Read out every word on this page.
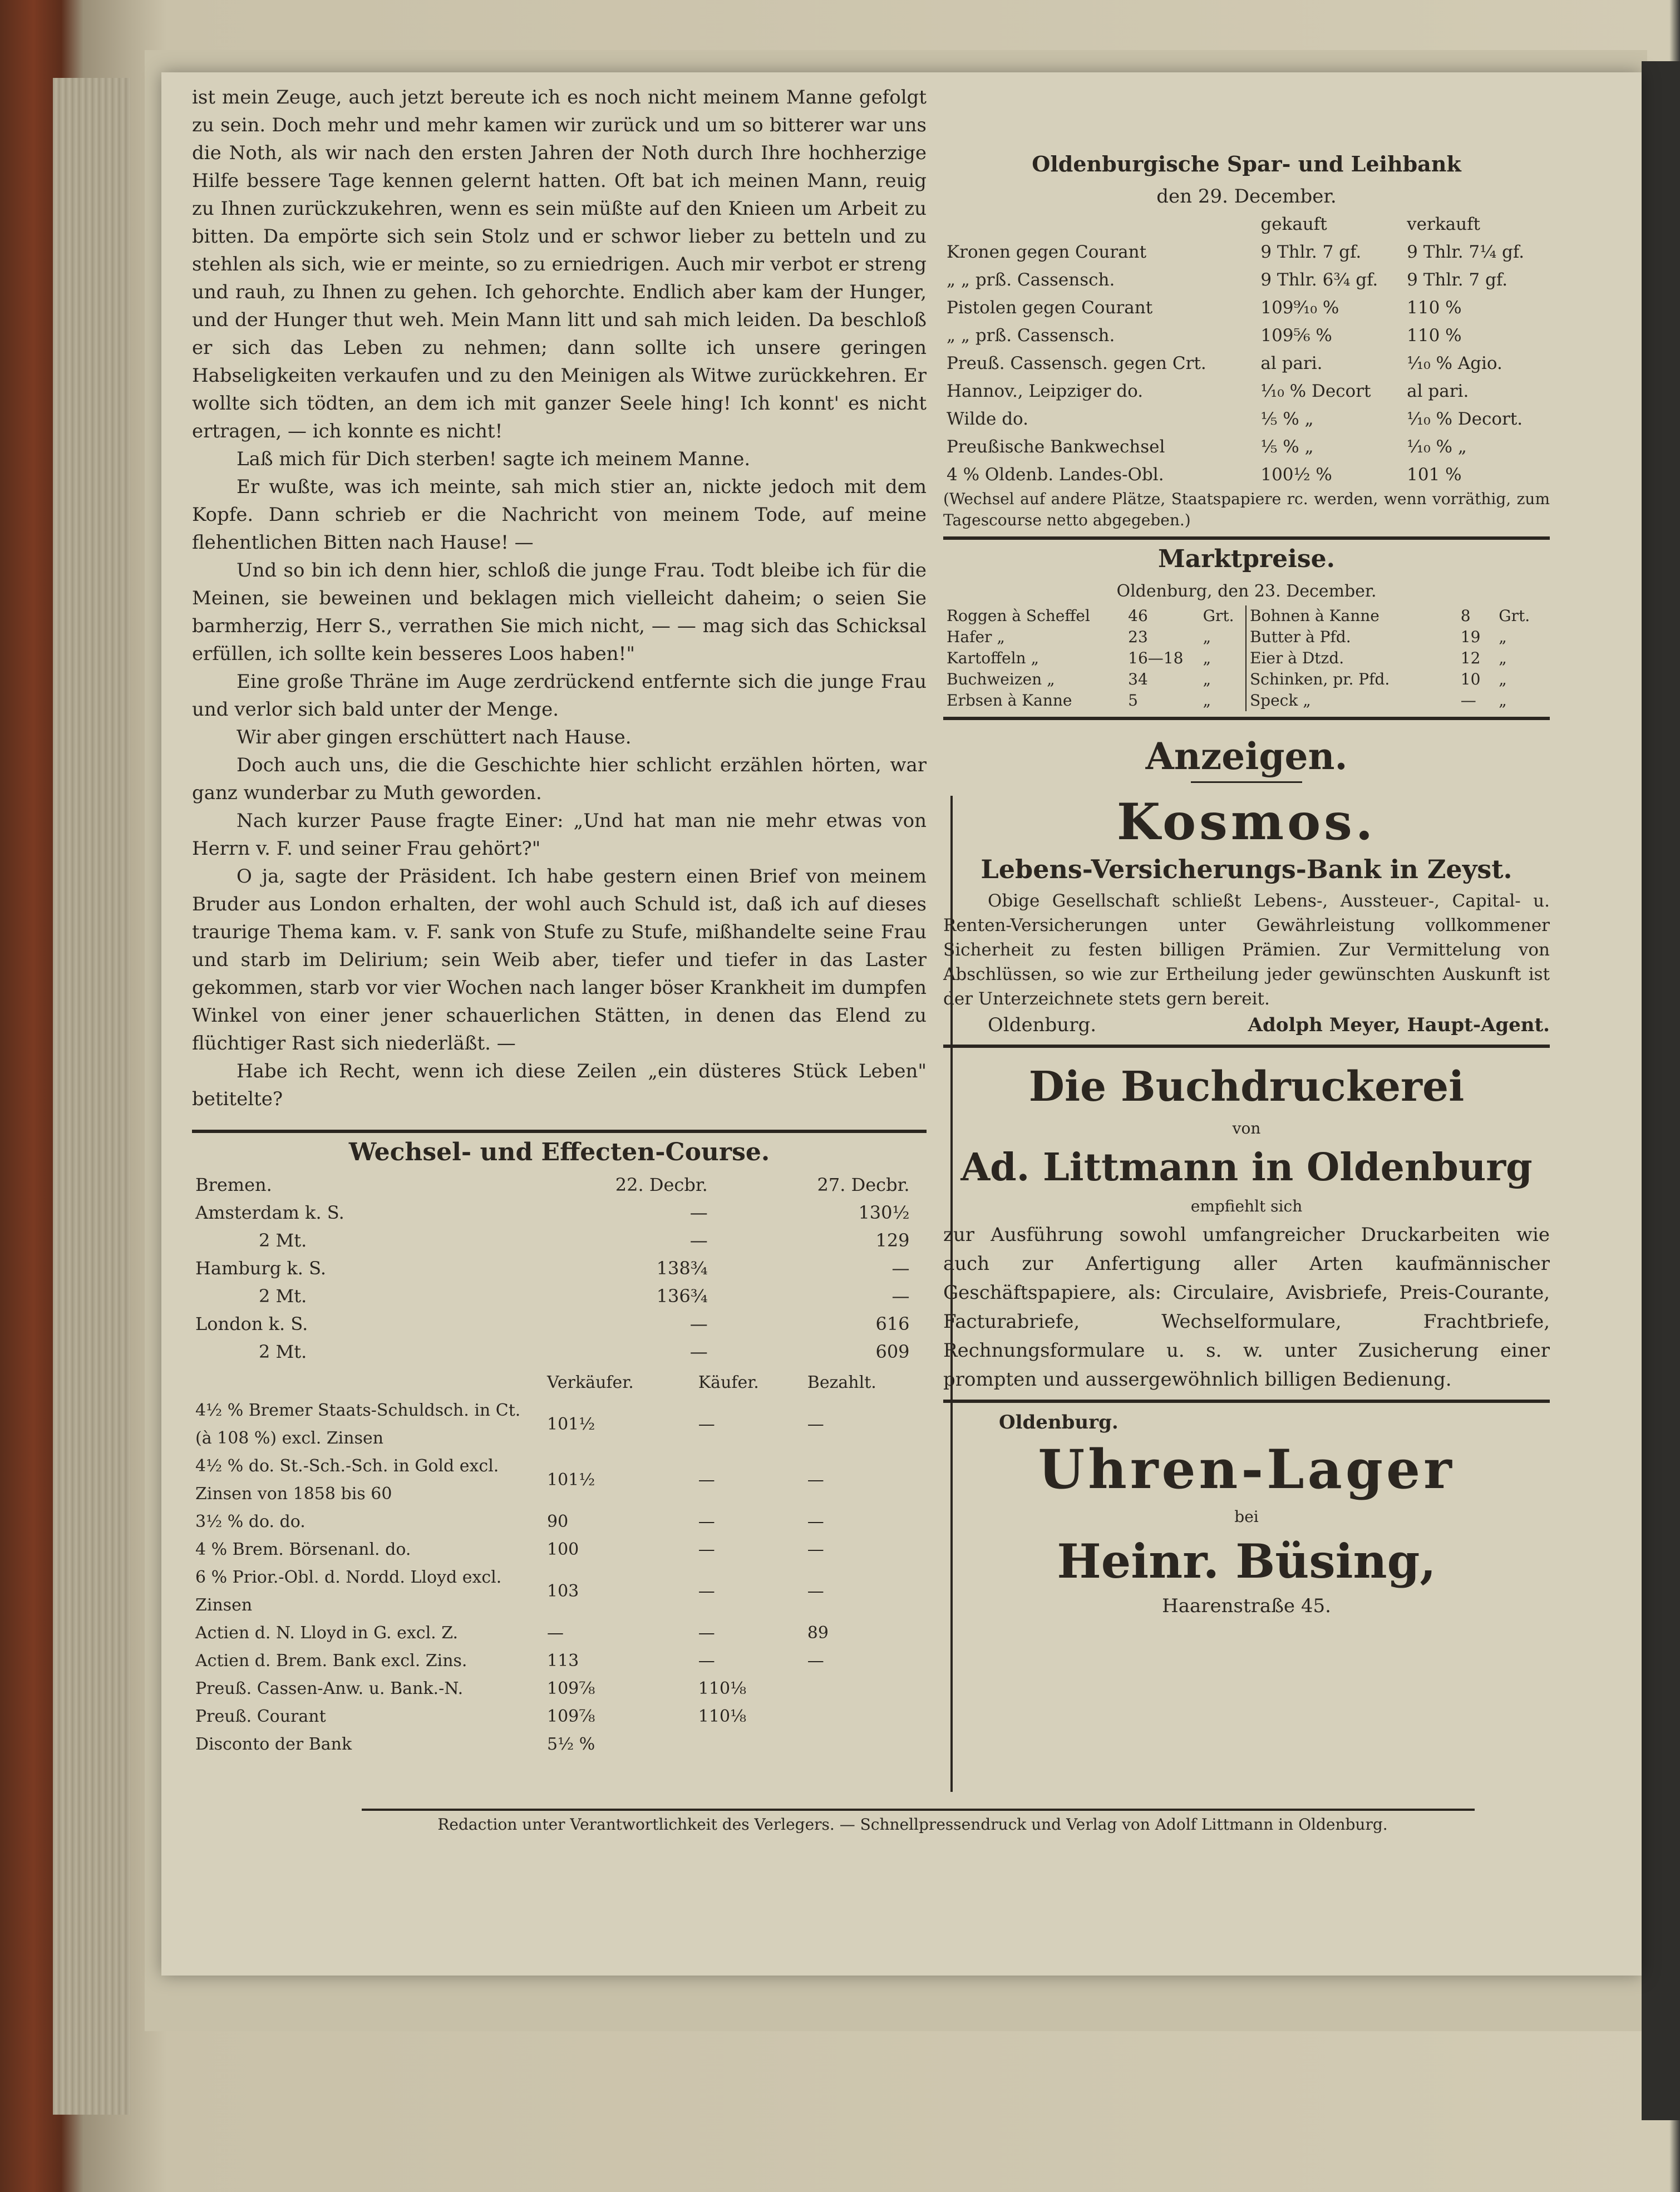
ist mein Zeuge, auch jetzt bereute ich es noch nicht meinem Manne gefolgt zu sein. Doch mehr und mehr kamen wir zurück und um so bitterer war uns die Noth, als wir nach den ersten Jahren der Noth durch Ihre hochherzige Hilfe bessere Tage kennen gelernt hatten. Oft bat ich meinen Mann, reuig zu Ihnen zurückzukehren, wenn es sein müßte auf den Knieen um Arbeit zu bitten. Da empörte sich sein Stolz und er schwor lieber zu betteln und zu stehlen als sich, wie er meinte, so zu erniedrigen. Auch mir verbot er streng und rauh, zu Ihnen zu gehen. Ich gehorchte. Endlich aber kam der Hunger, und der Hunger thut weh. Mein Mann litt und sah mich leiden. Da beschloß er sich das Leben zu nehmen; dann sollte ich unsere geringen Habseligkeiten verkaufen und zu den Meinigen als Witwe zurückkehren. Er wollte sich tödten, an dem ich mit ganzer Seele hing! Ich konnt' es nicht ertragen, — ich konnte es nicht!

Laß mich für Dich sterben! sagte ich meinem Manne.

Er wußte, was ich meinte, sah mich stier an, nickte jedoch mit dem Kopfe. Dann schrieb er die Nachricht von meinem Tode, auf meine flehentlichen Bitten nach Hause! —

Und so bin ich denn hier, schloß die junge Frau. Todt bleibe ich für die Meinen, sie beweinen und beklagen mich vielleicht daheim; o seien Sie barmherzig, Herr S., verrathen Sie mich nicht, — — mag sich das Schicksal erfüllen, ich sollte kein besseres Loos haben!"

Eine große Thräne im Auge zerdrückend entfernte sich die junge Frau und verlor sich bald unter der Menge.

Wir aber gingen erschüttert nach Hause.

Doch auch uns, die die Geschichte hier schlicht erzählen hörten, war ganz wunderbar zu Muth geworden.

Nach kurzer Pause fragte Einer: „Und hat man nie mehr etwas von Herrn v. F. und seiner Frau gehört?"

O ja, sagte der Präsident. Ich habe gestern einen Brief von meinem Bruder aus London erhalten, der wohl auch Schuld ist, daß ich auf dieses traurige Thema kam. v. F. sank von Stufe zu Stufe, mißhandelte seine Frau und starb im Delirium; sein Weib aber, tiefer und tiefer in das Laster gekommen, starb vor vier Wochen nach langer böser Krankheit im dumpfen Winkel von einer jener schauerlichen Stätten, in denen das Elend zu flüchtiger Rast sich niederläßt. —

Habe ich Recht, wenn ich diese Zeilen „ein düsteres Stück Leben" betitelte?

Wechsel- und Effecten-Course.
Bremen.	22. Decbr.	27. Decbr.	
Amsterdam k. S.	—	130½	
2 Mt.	—	129	
Hamburg k. S.	138¾	—	
2 Mt.	136¾	—	
London k. S.	—	616	
2 Mt.	—	609	
	Verkäufer.	Käufer.	Bezahlt.
4½ % Bremer Staats-Schuldsch. in Ct. (à 108 %) excl. Zinsen	101½	—	—
4½ % do. St.-Sch.-Sch. in Gold excl. Zinsen von 1858 bis 60	101½	—	—
3½ % do. do.	90	—	—
4 % Brem. Börsenanl. do.	100	—	—
6 % Prior.-Obl. d. Nordd. Lloyd excl. Zinsen	103	—	—
Actien d. N. Lloyd in G. excl. Z.	—	—	89
Actien d. Brem. Bank excl. Zins.	113	—	—
Preuß. Cassen-Anw. u. Bank.-N.	109⅞	110⅛	
Preuß. Courant	109⅞	110⅛	
Disconto der Bank	5½ %		
Oldenburgische Spar- und Leihbank
den 29. December.
	gekauft	verkauft
Kronen gegen Courant	9 Thlr. 7 gf.	9 Thlr. 7¼ gf.
„ „ prß. Cassensch.	9 Thlr. 6¾ gf.	9 Thlr. 7 gf.
Pistolen gegen Courant	109⁹⁄₁₀ %	110 %
„ „ prß. Cassensch.	109⁵⁄₆ %	110 %
Preuß. Cassensch. gegen Crt.	al pari.	¹⁄₁₀ % Agio.
Hannov., Leipziger do.	¹⁄₁₀ % Decort	al pari.
Wilde do.	⅕ % „	¹⁄₁₀ % Decort.
Preußische Bankwechsel	⅕ % „	¹⁄₁₀ % „
4 % Oldenb. Landes-Obl.	100½ %	101 %

(Wechsel auf andere Plätze, Staatspapiere rc. werden, wenn vorräthig, zum Tagescourse netto abgegeben.)

Marktpreise.
Oldenburg, den 23. December.
Roggen à Scheffel	46	Grt.
Hafer „	23	„
Kartoffeln „	16—18	„
Buchweizen „	34	„
Erbsen à Kanne	5	„
Bohnen à Kanne	8	Grt.
Butter à Pfd.	19	„
Eier à Dtzd.	12	„
Schinken, pr. Pfd.	10	„
Speck „	—	„
Anzeigen.
Kosmos.
Lebens-Versicherungs-Bank in Zeyst.

Obige Gesellschaft schließt Lebens-, Aussteuer-, Capital- u. Renten-Versicherungen unter Gewährleistung vollkommener Sicherheit zu festen billigen Prämien. Zur Vermittelung von Abschlüssen, so wie zur Ertheilung jeder gewünschten Auskunft ist der Unterzeichnete stets gern bereit.

Oldenburg.	Adolph Meyer, Haupt-Agent.
Die Buchdruckerei
von
Ad. Littmann in Oldenburg
empfiehlt sich

zur Ausführung sowohl umfangreicher Druckarbeiten wie auch zur Anfertigung aller Arten kaufmännischer Geschäftspapiere, als: Circulaire, Avisbriefe, Preis-Courante, Facturabriefe, Wechselformulare, Frachtbriefe, Rechnungsformulare u. s. w. unter Zusicherung einer prompten und aussergewöhnlich billigen Bedienung.

Oldenburg.
Uhren-Lager
bei
Heinr. Büsing,
Haarenstraße 45.
Redaction unter Verantwortlichkeit des Verlegers. — Schnellpressendruck und Verlag von Adolf Littmann in Oldenburg.
